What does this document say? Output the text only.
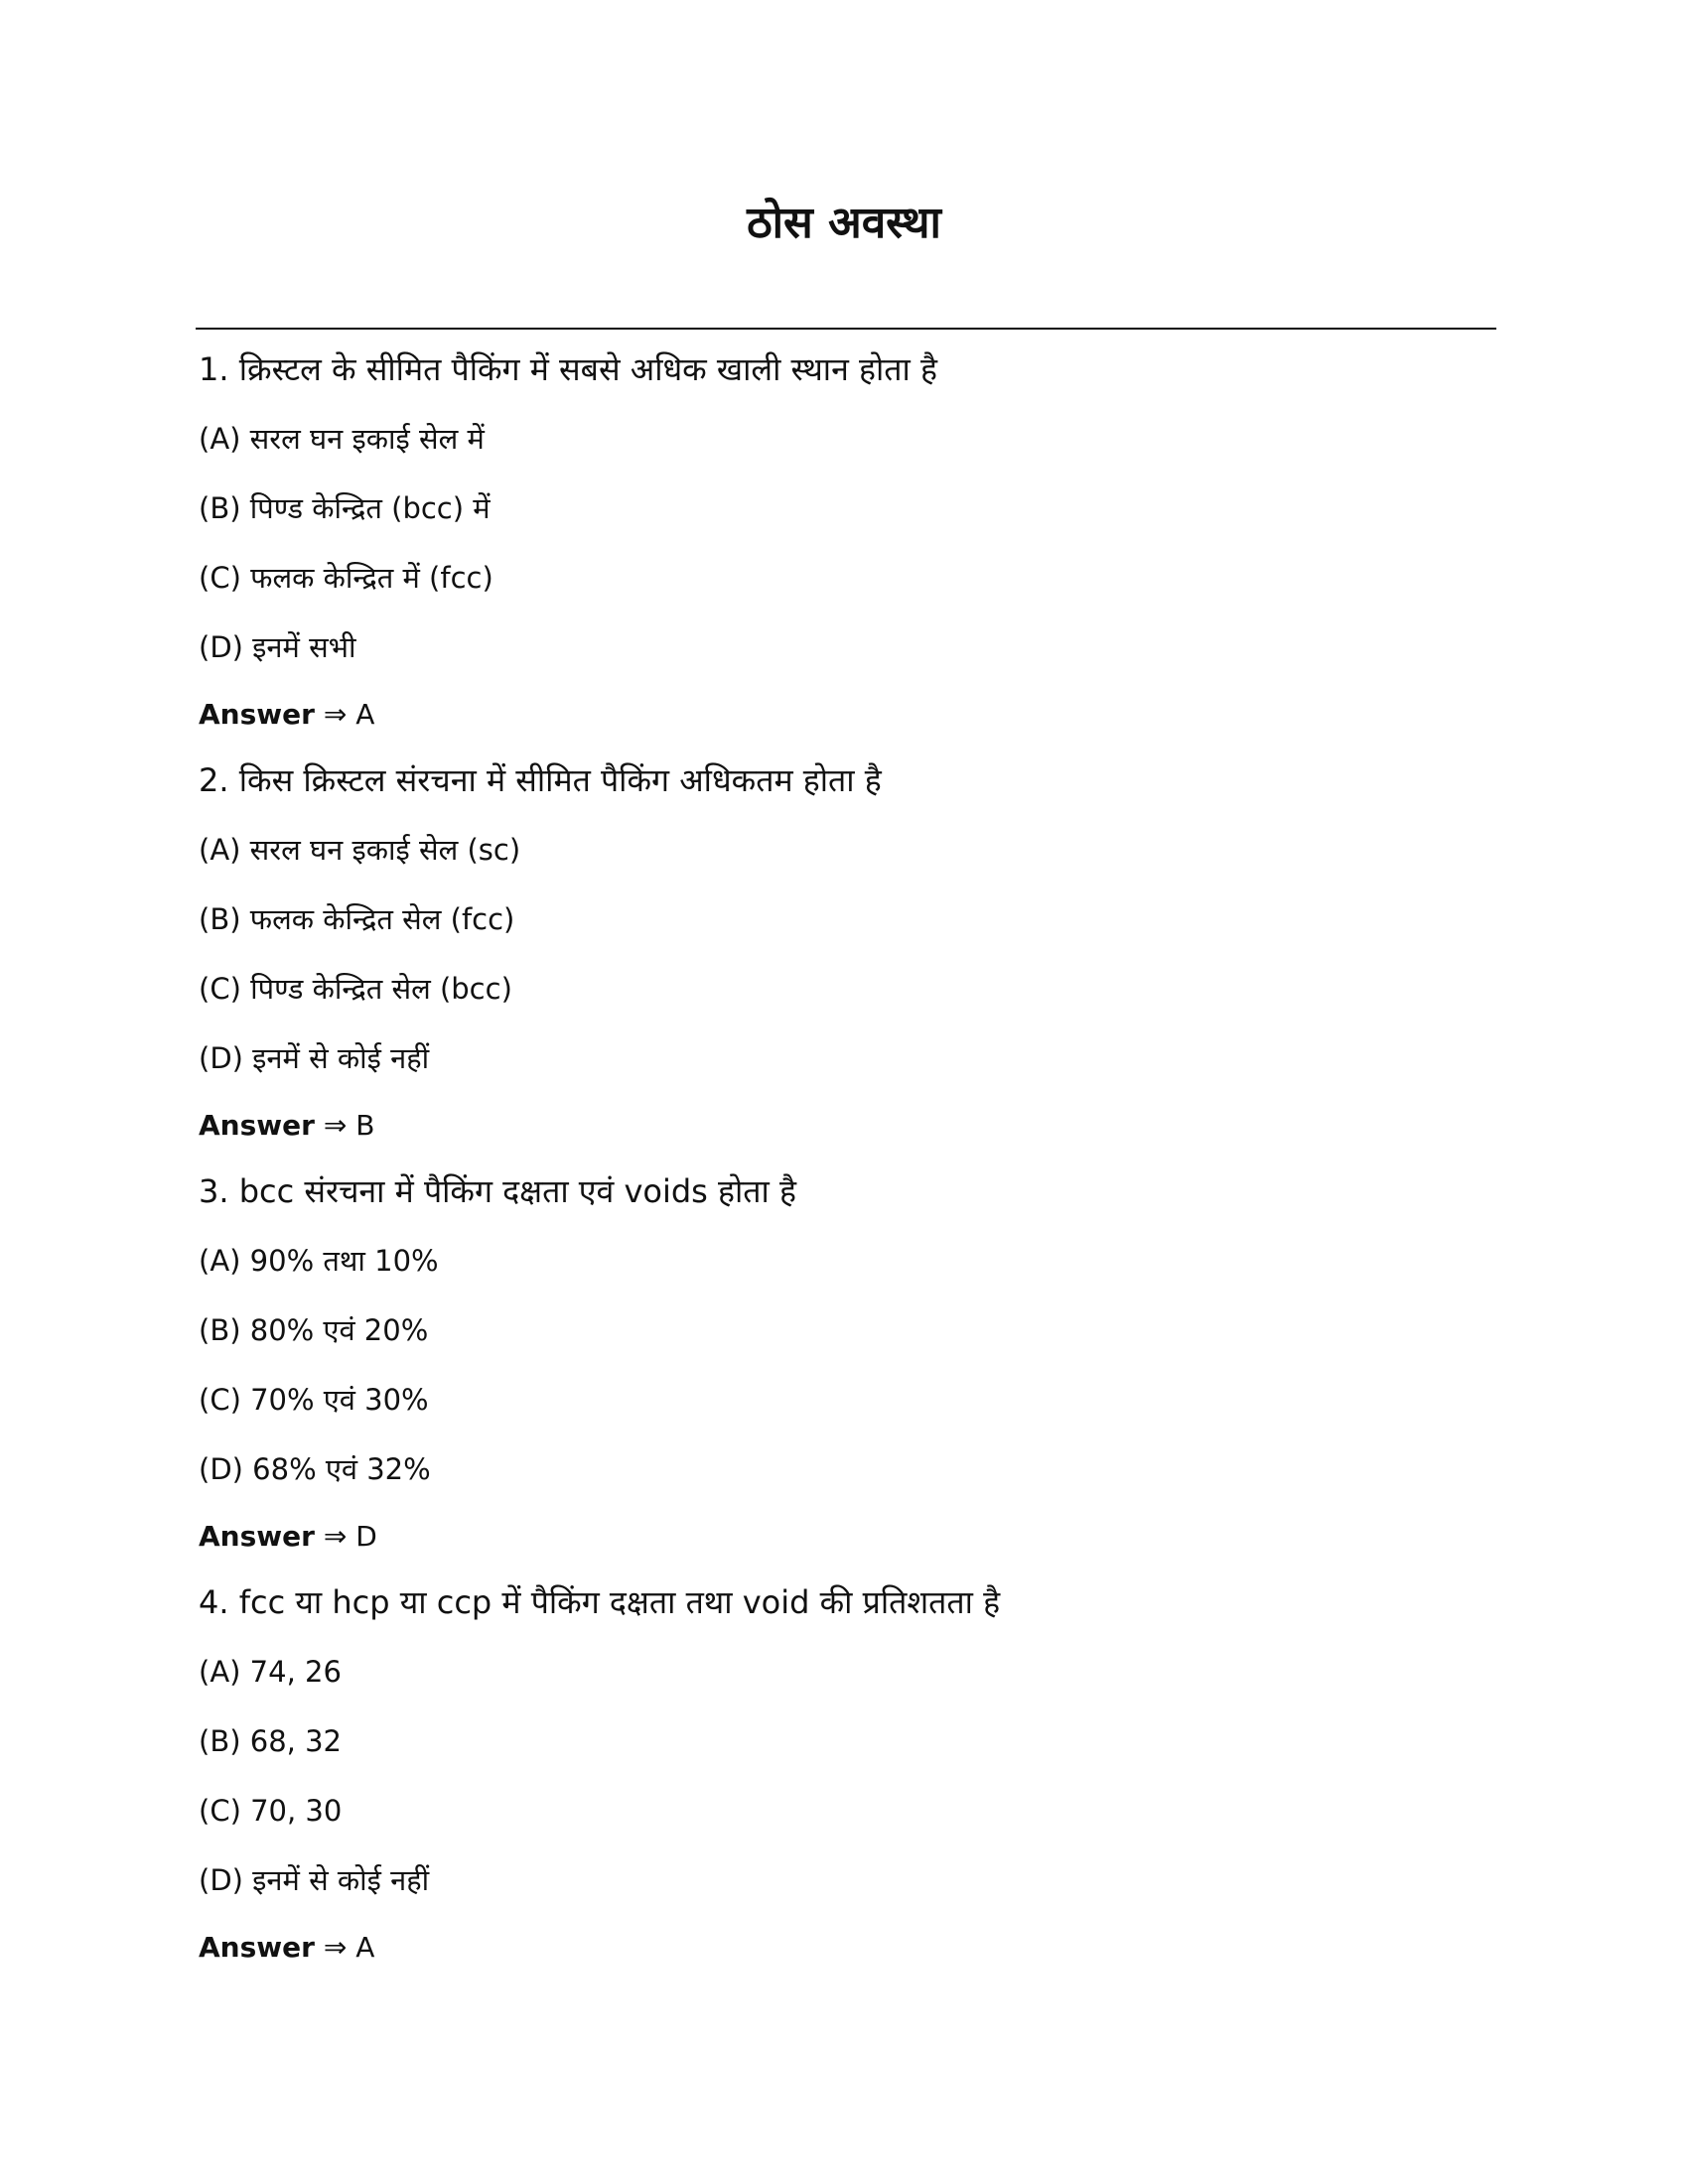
ठोस अवस्था

1. क्रिस्टल के सीमित पैकिंग में सबसे अधिक खाली स्थान होता है

(A) सरल घन इकाई सेल में

(B) पिण्ड केन्द्रित (bcc) में

(C) फलक केन्द्रित में (fcc)

(D) इनमें सभी

Answer ⇒ A

2. किस क्रिस्टल संरचना में सीमित पैकिंग अधिकतम होता है

(A) सरल घन इकाई सेल (sc)

(B) फलक केन्द्रित सेल (fcc)

(C) पिण्ड केन्द्रित सेल (bcc)

(D) इनमें से कोई नहीं

Answer ⇒ B

3. bcc संरचना में पैकिंग दक्षता एवं voids होता है

(A) 90% तथा 10%

(B) 80% एवं 20%

(C) 70% एवं 30%

(D) 68% एवं 32%

Answer ⇒ D

4. fcc या hcp या ccp में पैकिंग दक्षता तथा void की प्रतिशतता है

(A) 74, 26

(B) 68, 32

(C) 70, 30

(D) इनमें से कोई नहीं

Answer ⇒ A
